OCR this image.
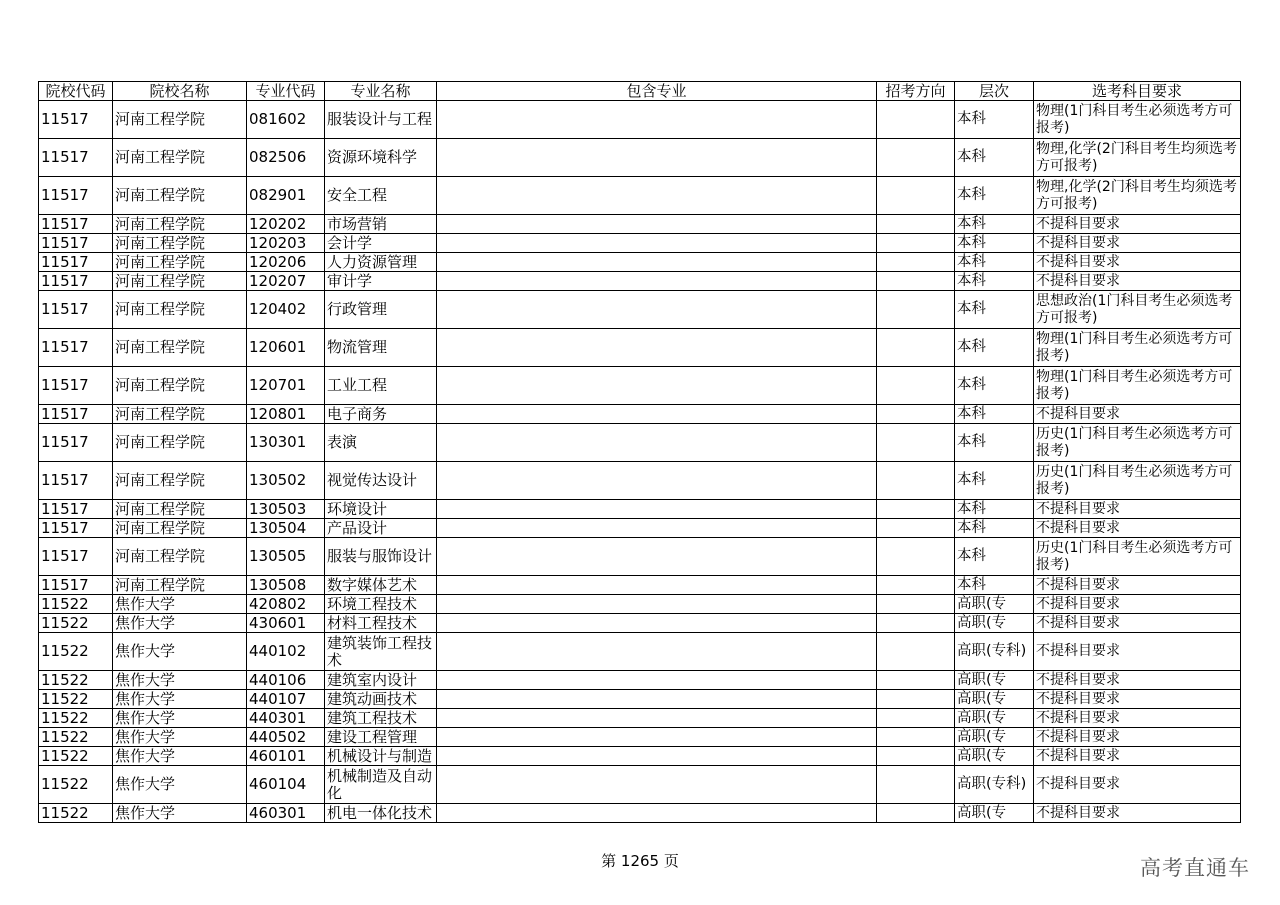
院校代码	院校名称	专业代码	专业名称	包含专业	招考方向	层次	选考科目要求
11517	河南工程学院	081602	服装设计与工程			本科	物理(1门科目考生必须选考方可报考)
11517	河南工程学院	082506	资源环境科学			本科	物理,化学(2门科目考生均须选考方可报考)
11517	河南工程学院	082901	安全工程			本科	物理,化学(2门科目考生均须选考方可报考)
11517	河南工程学院	120202	市场营销			本科	不提科目要求
11517	河南工程学院	120203	会计学			本科	不提科目要求
11517	河南工程学院	120206	人力资源管理			本科	不提科目要求
11517	河南工程学院	120207	审计学			本科	不提科目要求
11517	河南工程学院	120402	行政管理			本科	思想政治(1门科目考生必须选考方可报考)
11517	河南工程学院	120601	物流管理			本科	物理(1门科目考生必须选考方可报考)
11517	河南工程学院	120701	工业工程			本科	物理(1门科目考生必须选考方可报考)
11517	河南工程学院	120801	电子商务			本科	不提科目要求
11517	河南工程学院	130301	表演			本科	历史(1门科目考生必须选考方可报考)
11517	河南工程学院	130502	视觉传达设计			本科	历史(1门科目考生必须选考方可报考)
11517	河南工程学院	130503	环境设计			本科	不提科目要求
11517	河南工程学院	130504	产品设计			本科	不提科目要求
11517	河南工程学院	130505	服装与服饰设计			本科	历史(1门科目考生必须选考方可报考)
11517	河南工程学院	130508	数字媒体艺术			本科	不提科目要求
11522	焦作大学	420802	环境工程技术			高职(专	不提科目要求
11522	焦作大学	430601	材料工程技术			高职(专	不提科目要求
11522	焦作大学	440102	建筑装饰工程技术			高职(专科)	不提科目要求
11522	焦作大学	440106	建筑室内设计			高职(专	不提科目要求
11522	焦作大学	440107	建筑动画技术			高职(专	不提科目要求
11522	焦作大学	440301	建筑工程技术			高职(专	不提科目要求
11522	焦作大学	440502	建设工程管理			高职(专	不提科目要求
11522	焦作大学	460101	机械设计与制造			高职(专	不提科目要求
11522	焦作大学	460104	机械制造及自动化			高职(专科)	不提科目要求
11522	焦作大学	460301	机电一体化技术			高职(专	不提科目要求
第 1265 页	高考直通车
